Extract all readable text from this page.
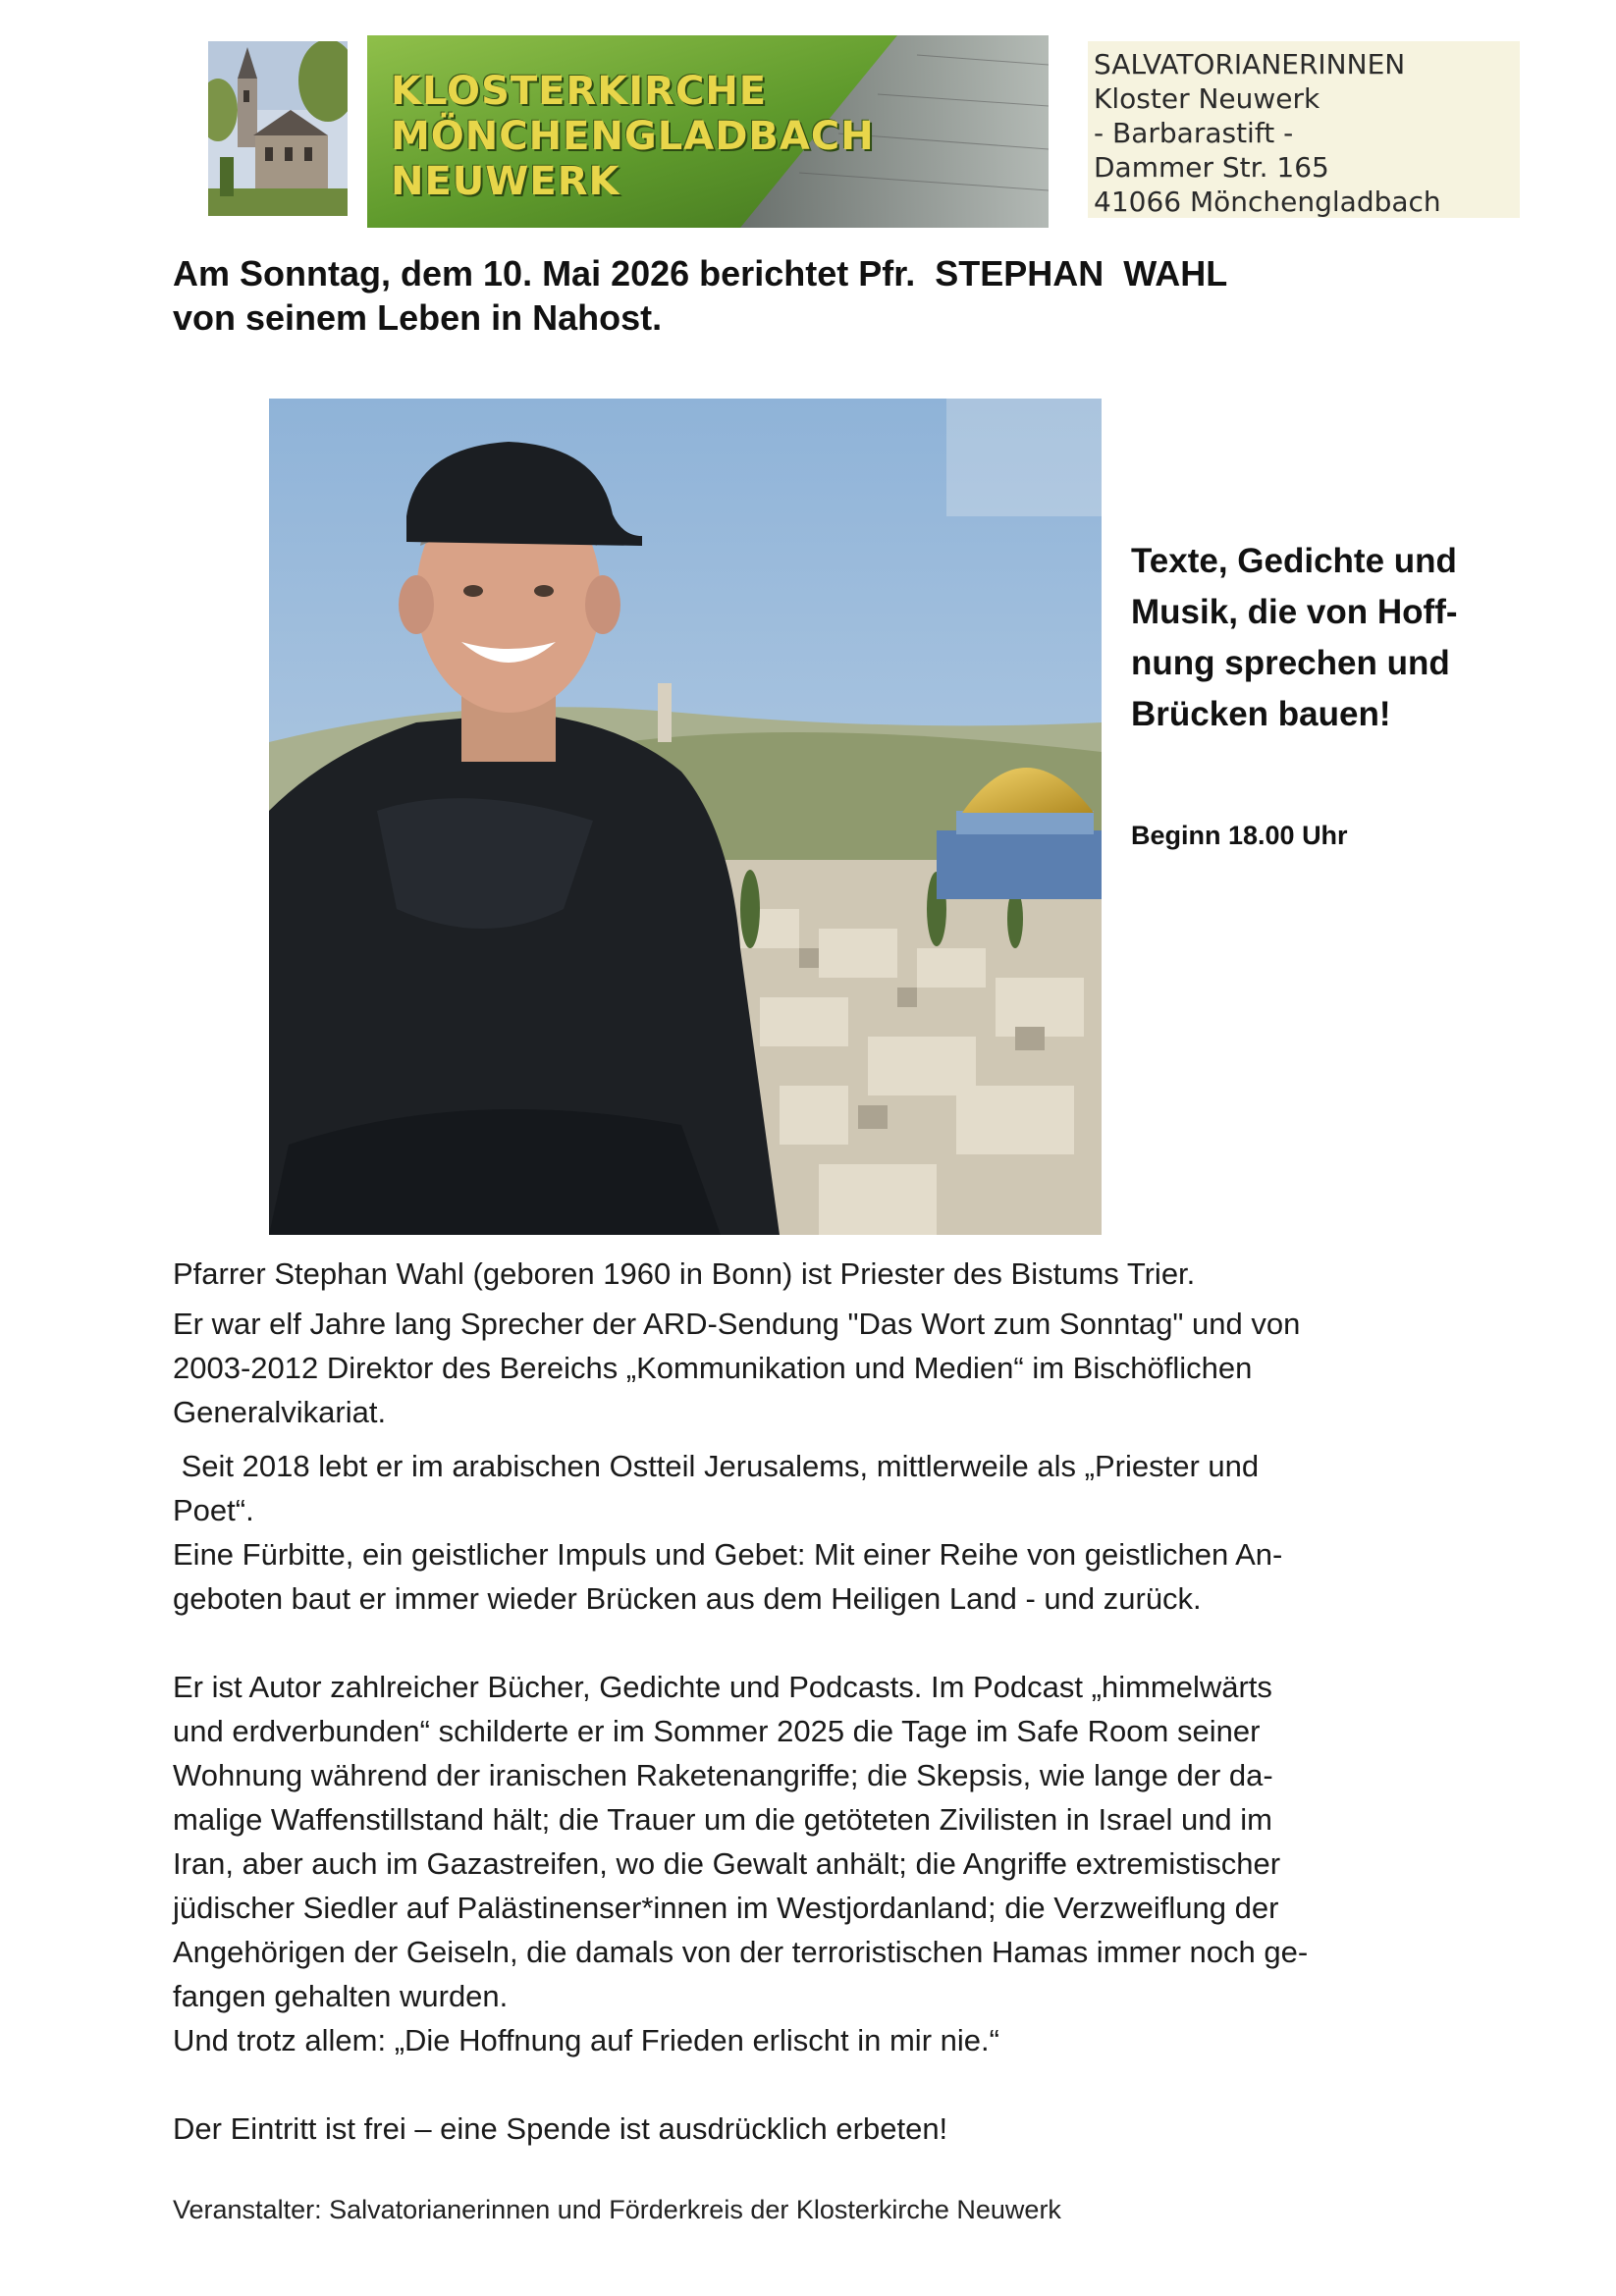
KLOSTERKIRCHE
MÖNCHENGLADBACH
NEUWERK
SALVATORIANERINNEN
Kloster Neuwerk
- Barbarastift -
Dammer Str. 165
41066 Mönchengladbach
Am Sonntag, dem 10. Mai 2026 berichtet Pfr.  STEPHAN  WAHL
von seinem Leben in Nahost.
Texte, Gedichte und
Musik, die von Hoff-
nung sprechen und
Brücken bauen!
Beginn 18.00 Uhr

Pfarrer Stephan Wahl (geboren 1960 in Bonn) ist Priester des Bistums Trier.

Er war elf Jahre lang Sprecher der ARD-Sendung "Das Wort zum Sonntag" und von
2003-2012 Direktor des Bereichs „Kommunikation und Medien“ im Bischöflichen
Generalvikariat.

Seit 2018 lebt er im arabischen Ostteil Jerusalems, mittlerweile als „Priester und
Poet“.
Eine Fürbitte, ein geistlicher Impuls und Gebet: Mit einer Reihe von geistlichen An-
geboten baut er immer wieder Brücken aus dem Heiligen Land - und zurück.

Er ist Autor zahlreicher Bücher, Gedichte und Podcasts. Im Podcast „himmelwärts
und erdverbunden“ schilderte er im Sommer 2025 die Tage im Safe Room seiner
Wohnung während der iranischen Raketenangriffe; die Skepsis, wie lange der da-
malige Waffenstillstand hält; die Trauer um die getöteten Zivilisten in Israel und im
Iran, aber auch im Gazastreifen, wo die Gewalt anhält; die Angriffe extremistischer
jüdischer Siedler auf Palästinenser*innen im Westjordanland; die Verzweiflung der
Angehörigen der Geiseln, die damals von der terroristischen Hamas immer noch ge-
fangen gehalten wurden.
Und trotz allem: „Die Hoffnung auf Frieden erlischt in mir nie.“

Der Eintritt ist frei – eine Spende ist ausdrücklich erbeten!

Veranstalter: Salvatorianerinnen und Förderkreis der Klosterkirche Neuwerk
